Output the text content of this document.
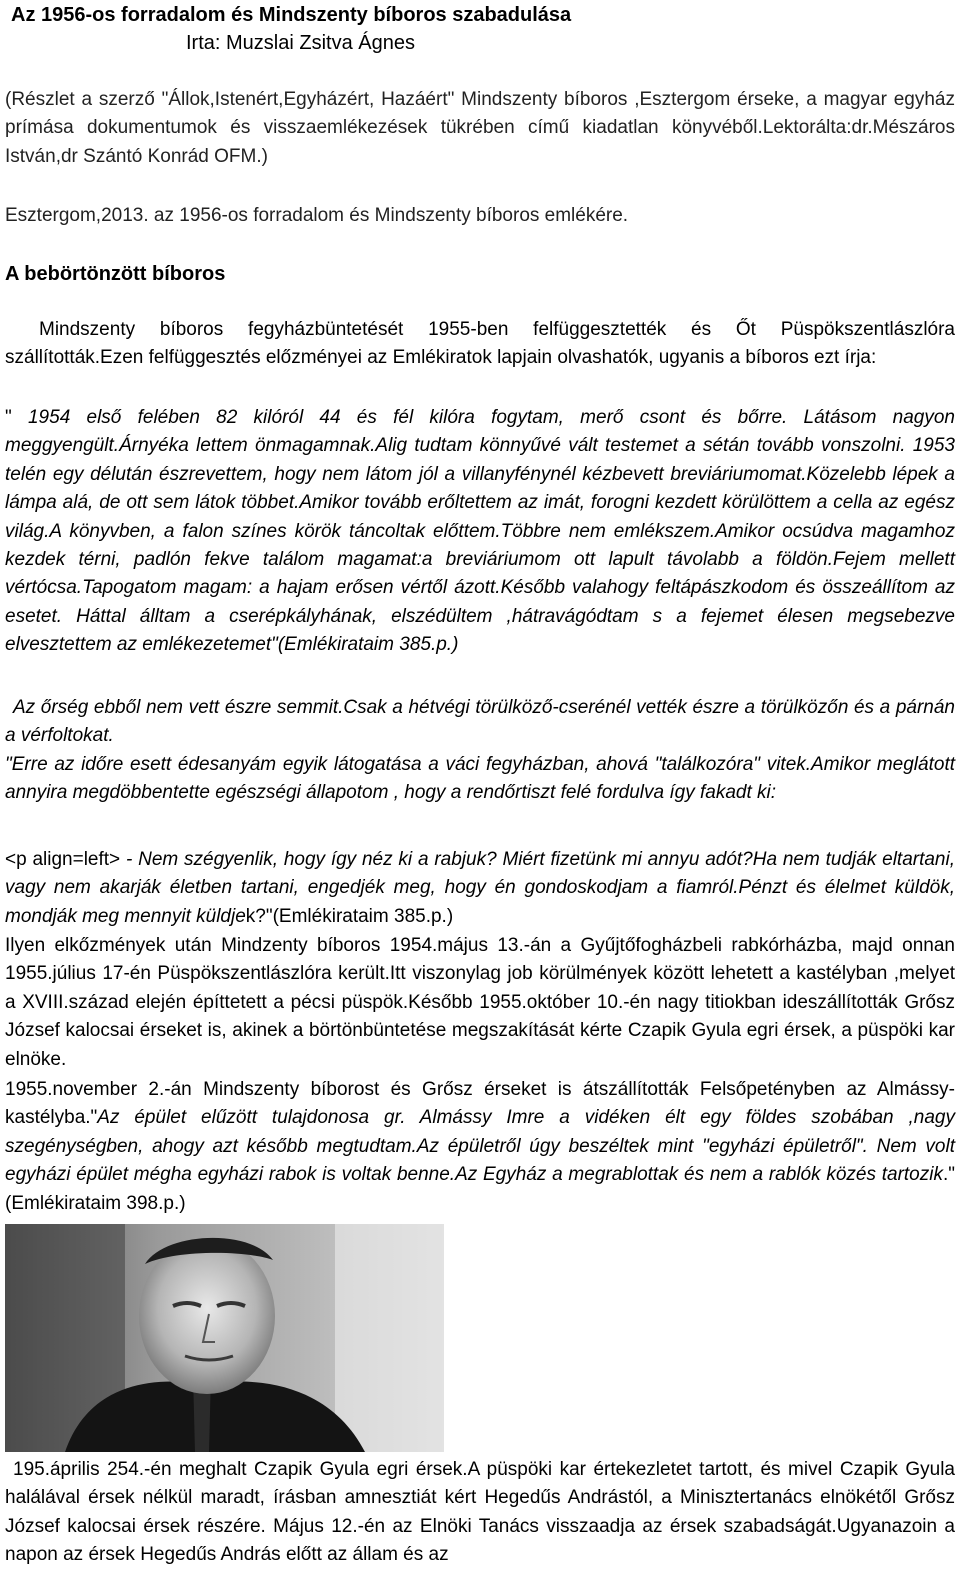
Az 1956-os forradalom és Mindszenty bíboros szabadulása
Irta: Muzslai Zsitva Ágnes
(Részlet a szerző "Állok,Istenért,Egyházért, Hazáért" Mindszenty bíboros ,Esztergom érseke, a magyar egyház prímása dokumentumok és visszaemlékezések tükrében című kiadatlan könyvéből.Lektorálta:dr.Mészáros István,dr Szántó Konrád OFM.)
Esztergom,2013. az 1956-os forradalom és Mindszenty bíboros emlékére.
A bebörtönzött bíboros
Mindszenty bíboros fegyházbüntetését 1955-ben felfüggesztették és Őt Püspökszentlászlóra szállították.Ezen felfüggesztés előzményei az Emlékiratok lapjain olvashatók, ugyanis a bíboros ezt írja:
" 1954 első felében 82 kilóról 44 és fél kilóra fogytam, merő csont és bőrre. Látásom nagyon meggyengült.Árnyéka lettem önmagamnak.Alig tudtam könnyűvé vált testemet a sétán tovább vonszolni. 1953 telén egy délután észrevettem, hogy nem látom jól a villanyfénynél kézbevett breviáriumomat.Közelebb lépek a lámpa alá, de ott sem látok többet.Amikor tovább erőltettem az imát, forogni kezdett körülöttem a cella az egész világ.A könyvben, a falon színes körök táncoltak előttem.Többre nem emlékszem.Amikor ocsúdva magamhoz kezdek térni, padlón fekve találom magamat:a breviáriumom ott lapult távolabb a földön.Fejem mellett vértócsa.Tapogatom magam: a hajam erősen vértől ázott.Később valahogy feltápászkodom és összeállítom az esetet. Háttal álltam a cserépkályhának, elszédültem ,hátravágódtam s a fejemet élesen megsebezve elvesztettem az emlékezetemet"(Emlékirataim 385.p.)
Az őrség ebből nem vett észre semmit.Csak a hétvégi törülköző-cserénél vették észre a törülközőn és a párnán a vérfoltokat.
"Erre az időre esett édesanyám egyik látogatása a váci fegyházban, ahová "találkozóra" vitek.Amikor meglátott annyira megdöbbentette egészségi állapotom , hogy a rendőrtiszt felé fordulva így fakadt ki:
<p align=left> - Nem szégyenlik, hogy így néz ki a rabjuk? Miért fizetünk mi annyu adót?Ha nem tudják eltartani, vagy nem akarják életben tartani, engedjék meg, hogy én gondoskodjam a fiamról.Pénzt és élelmet küldök, mondják meg mennyit küldjek?"(Emlékirataim 385.p.)
Ilyen elkőzmények után Mindzenty bíboros 1954.május 13.-án a Gyűjtőfogházbeli rabkórházba, majd onnan 1955.július 17-én Püspökszentlászlóra került.Itt viszonylag job körülmények között lehetett a kastélyban ,melyet a XVIII.század elején építtetett a pécsi püspök.Később 1955.október 10.-én nagy titiokban ideszállították Grősz József kalocsai érseket is, akinek a börtönbüntetése megszakítását kérte Czapik Gyula egri érsek, a püspöki kar elnöke.
1955.november 2.-án Mindszenty bíborost és Grősz érseket is átszállították Felsőpetényben az Almássy-kastélyba."Az épület elűzött tulajdonosa gr. Almássy Imre a vidéken élt egy földes szobában ,nagy szegénységben, ahogy azt később megtudtam.Az épületről úgy beszéltek mint "egyházi épületről". Nem volt egyházi épület mégha egyházi rabok is voltak benne.Az Egyház a megrablottak és nem a rablók közés tartozik."(Emlékirataim 398.p.)
195.április 254.-én meghalt Czapik Gyula egri érsek.A püspöki kar értekezletet tartott, és mivel Czapik Gyula halálával érsek nélkül maradt, írásban amnesztiát kért Hegedűs Andrástól, a Minisztertanács elnökétől Grősz József kalocsai érsek részére. Május 12.-én az Elnöki Tanács visszaadja az érsek szabadságát.Ugyanazoin a napon az érsek Hegedűs András előtt az állam és az
